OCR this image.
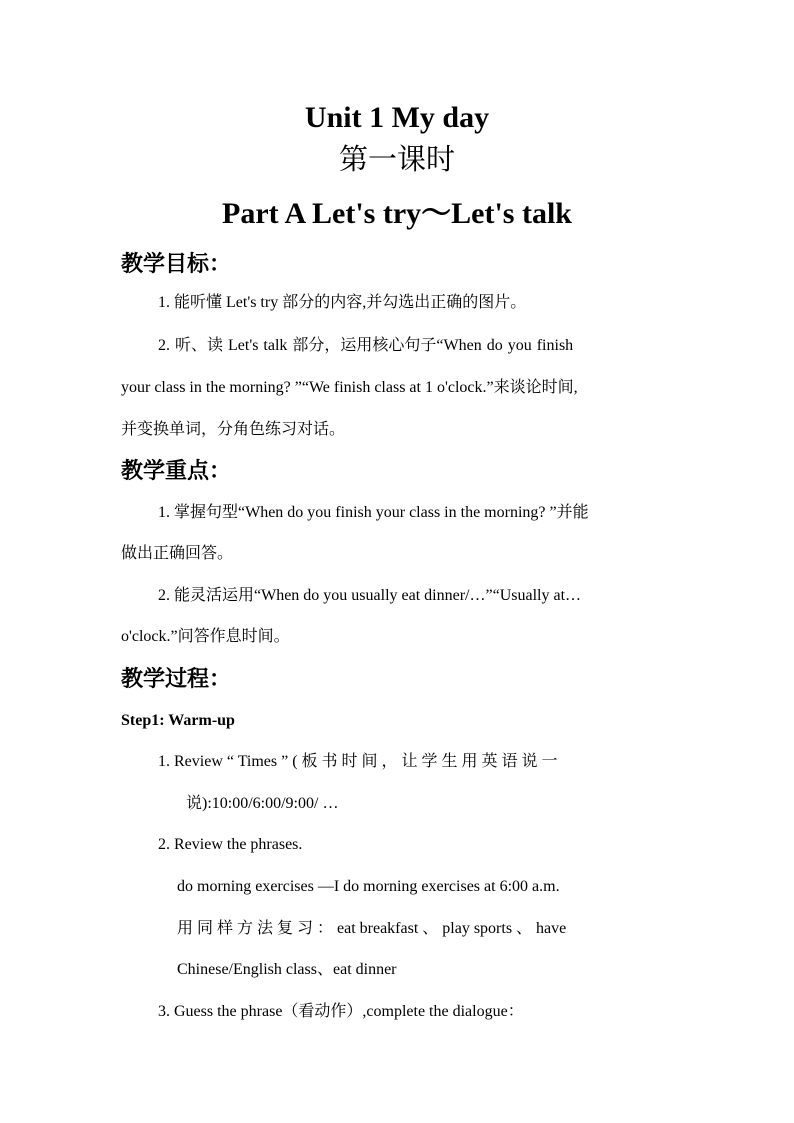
Unit 1 My day
第一课时
Part A Let's try～Let's talk
教学目标：
1. 能听懂 Let's try 部分的内容,并勾选出正确的图片。
2. 听、读 Let's talk 部分，运用核心句子“When do you finish
your class in the morning? ”“We finish class at 1 o'clock.”来谈论时间,
并变换单词，分角色练习对话。
教学重点：
1. 掌握句型“When do you finish your class in the morning? ”并能
做出正确回答。
2. 能灵活运用“When do you usually eat dinner/…”“Usually at…
o'clock.”问答作息时间。
教学过程：
Step1: Warm-up
1. Review “ Times ” ( 板 书 时 间 ， 让 学 生 用 英 语 说 一
说):10:00/6:00/9:00/ …
2. Review the phrases.
do morning exercises —I do morning exercises at 6:00 a.m.
用 同 样 方 法 复 习 ： eat breakfast 、 play sports 、 have
Chinese/English class、eat dinner
3. Guess the phrase（看动作）,complete the dialogue：
